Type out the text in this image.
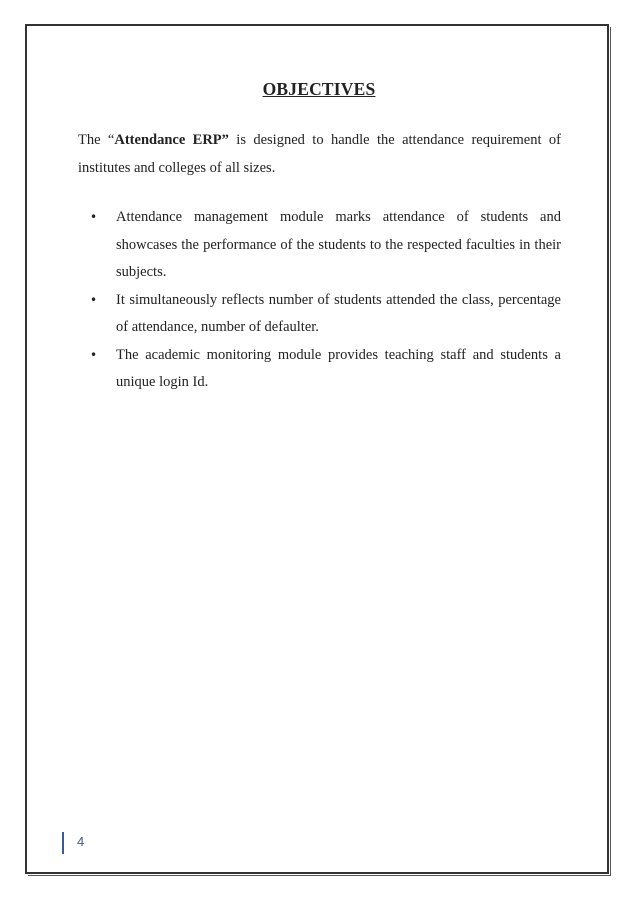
OBJECTIVES
The “Attendance ERP” is designed to handle the attendance requirement of
institutes and colleges of all sizes.
• Attendance management module marks attendance of students and showcases the performance of the students to the respected faculties in their subjects.
• It simultaneously reflects number of students attended the class, percentage of attendance, number of defaulter.
• The academic monitoring module provides teaching staff and students a unique login Id.
4
